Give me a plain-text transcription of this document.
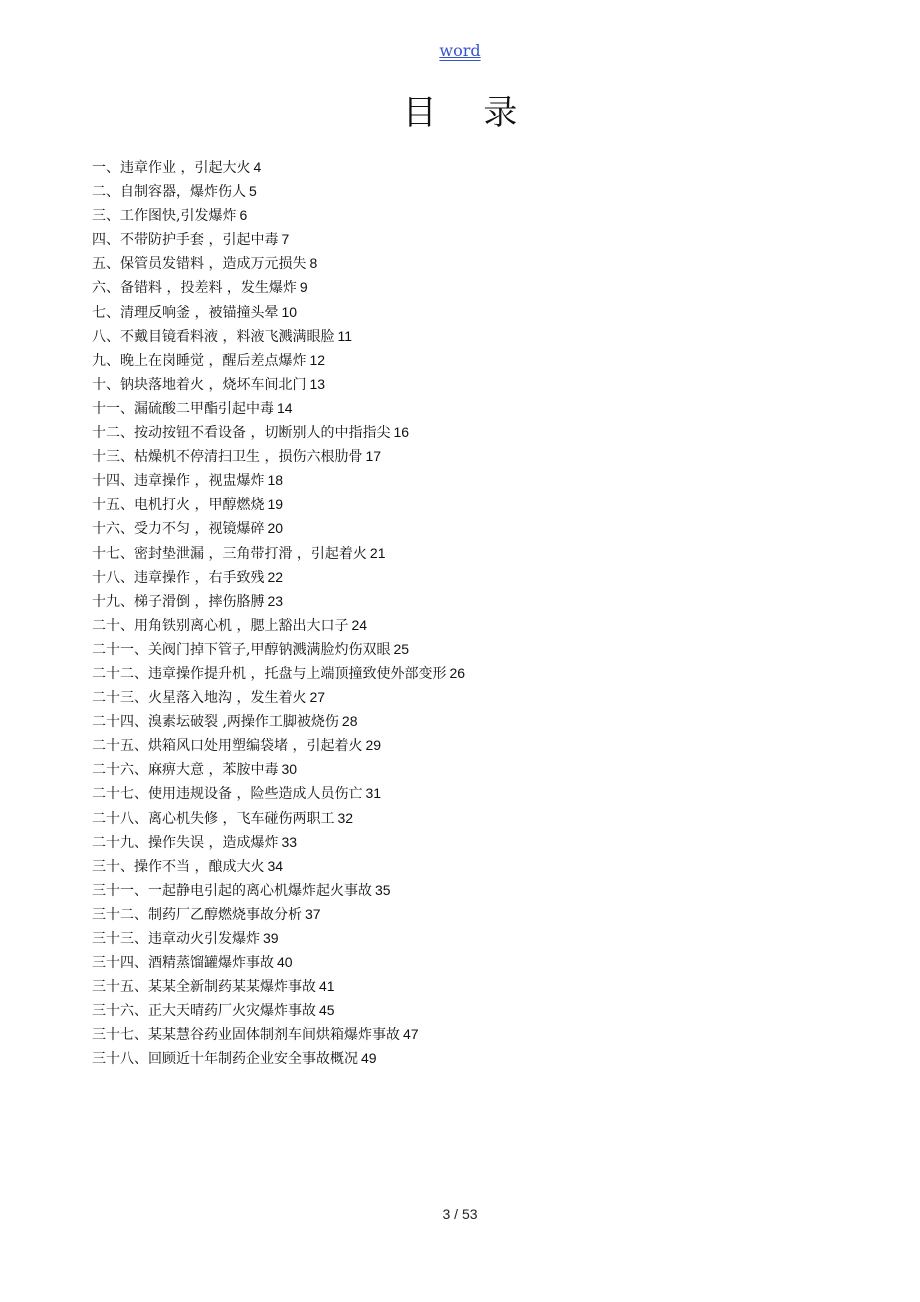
word
目 录
一、违章作业 ，引起大火 4
二、自制容器，爆炸伤人 5
三、工作图快,引发爆炸 6
四、不带防护手套 ，引起中毒 7
五、保管员发错料 ，造成万元损失 8
六、备错料 ，投差料 ，发生爆炸 9
七、清理反响釜 ，被锚撞头晕 10
八、不戴目镜看料液 ，料液飞溅满眼脸 11
九、晚上在岗睡觉 ，醒后差点爆炸 12
十、钠块落地着火 ，烧坏车间北门 13
十一、漏硫酸二甲酯引起中毒 14
十二、按动按钮不看设备 ，切断别人的中指指尖 16
十三、枯燥机不停清扫卫生 ，损伤六根肋骨 17
十四、违章操作 ，视盅爆炸 18
十五、电机打火 ，甲醇燃烧 19
十六、受力不匀 ，视镜爆碎 20
十七、密封垫泄漏 ，三角带打滑 ，引起着火 21
十八、违章操作 ，右手致残 22
十九、梯子滑倒 ，摔伤胳膊 23
二十、用角铁别离心机 ，腮上豁出大口子 24
二十一、关阀门掉下管子,甲醇钠溅满脸灼伤双眼 25
二十二、违章操作提升机 ，托盘与上端顶撞致使外部变形 26
二十三、火星落入地沟 ，发生着火 27
二十四、溴素坛破裂 ,两操作工脚被烧伤 28
二十五、烘箱风口处用塑编袋堵 ，引起着火 29
二十六、麻痹大意 ，苯胺中毒 30
二十七、使用违规设备 ，险些造成人员伤亡 31
二十八、离心机失修 ，飞车碰伤两职工 32
二十九、操作失误 ，造成爆炸 33
三十、操作不当 ，酿成大火 34
三十一、一起静电引起的离心机爆炸起火事故 35
三十二、制药厂乙醇燃烧事故分析 37
三十三、违章动火引发爆炸 39
三十四、酒精蒸馏罐爆炸事故 40
三十五、某某全新制药某某爆炸事故 41
三十六、正大天晴药厂火灾爆炸事故 45
三十七、某某慧谷药业固体制剂车间烘箱爆炸事故 47
三十八、回顾近十年制药企业安全事故概况 49
3 / 53
